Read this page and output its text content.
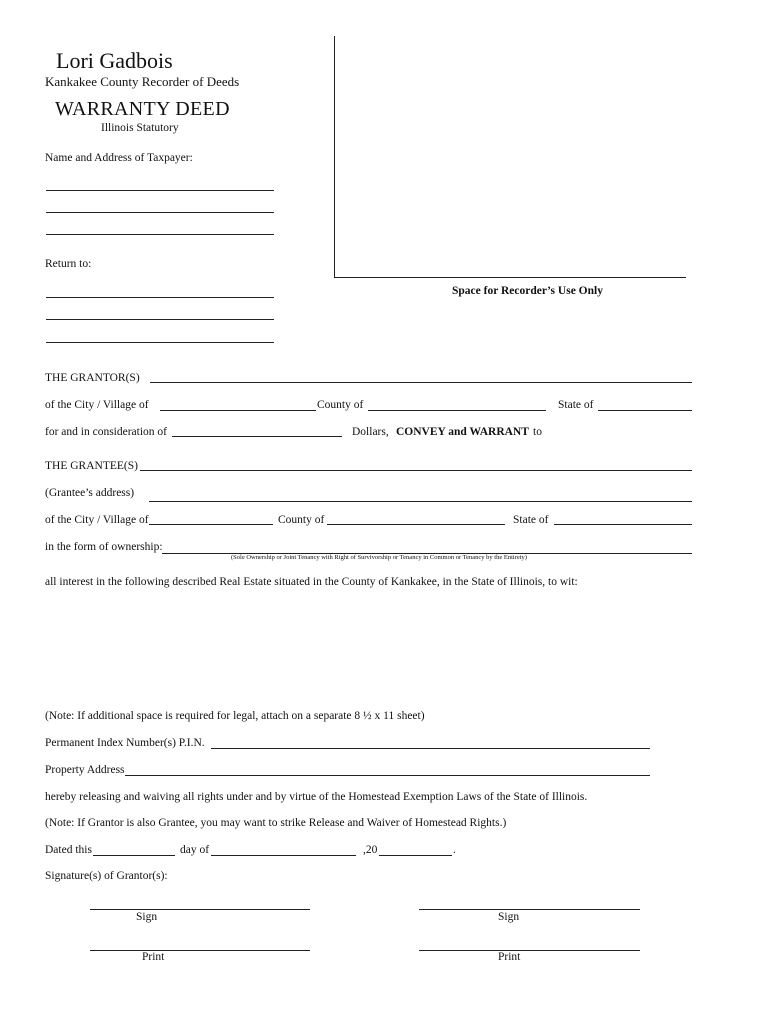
Lori Gadbois
Kankakee County Recorder of Deeds
WARRANTY DEED
Illinois Statutory
Space for Recorder’s Use Only
Name and Address of Taxpayer:
Return to:
THE GRANTOR(S)
of the City / Village of	County of	State of
for and in consideration of	Dollars, CONVEY and WARRANT to
THE GRANTEE(S)
(Grantee’s address)
of the City / Village of	County of	State of
in the form of ownership:
(Sole Ownership or Joint Tenancy with Right of Survivorship or Tenancy in Common or Tenancy by the Entirety)
all interest in the following described Real Estate situated in the County of Kankakee, in the State of Illinois, to wit:
(Note: If additional space is required for legal, attach on a separate 8 ½ x 11 sheet)
Permanent Index Number(s) P.I.N.
Property Address
hereby releasing and waiving all rights under and by virtue of the Homestead Exemption Laws of the State of Illinois.
(Note: If Grantor is also Grantee, you may want to strike Release and Waiver of Homestead Rights.)
Dated this	day of	,20	.
Signature(s) of Grantor(s):
Sign	Sign
Print	Print
